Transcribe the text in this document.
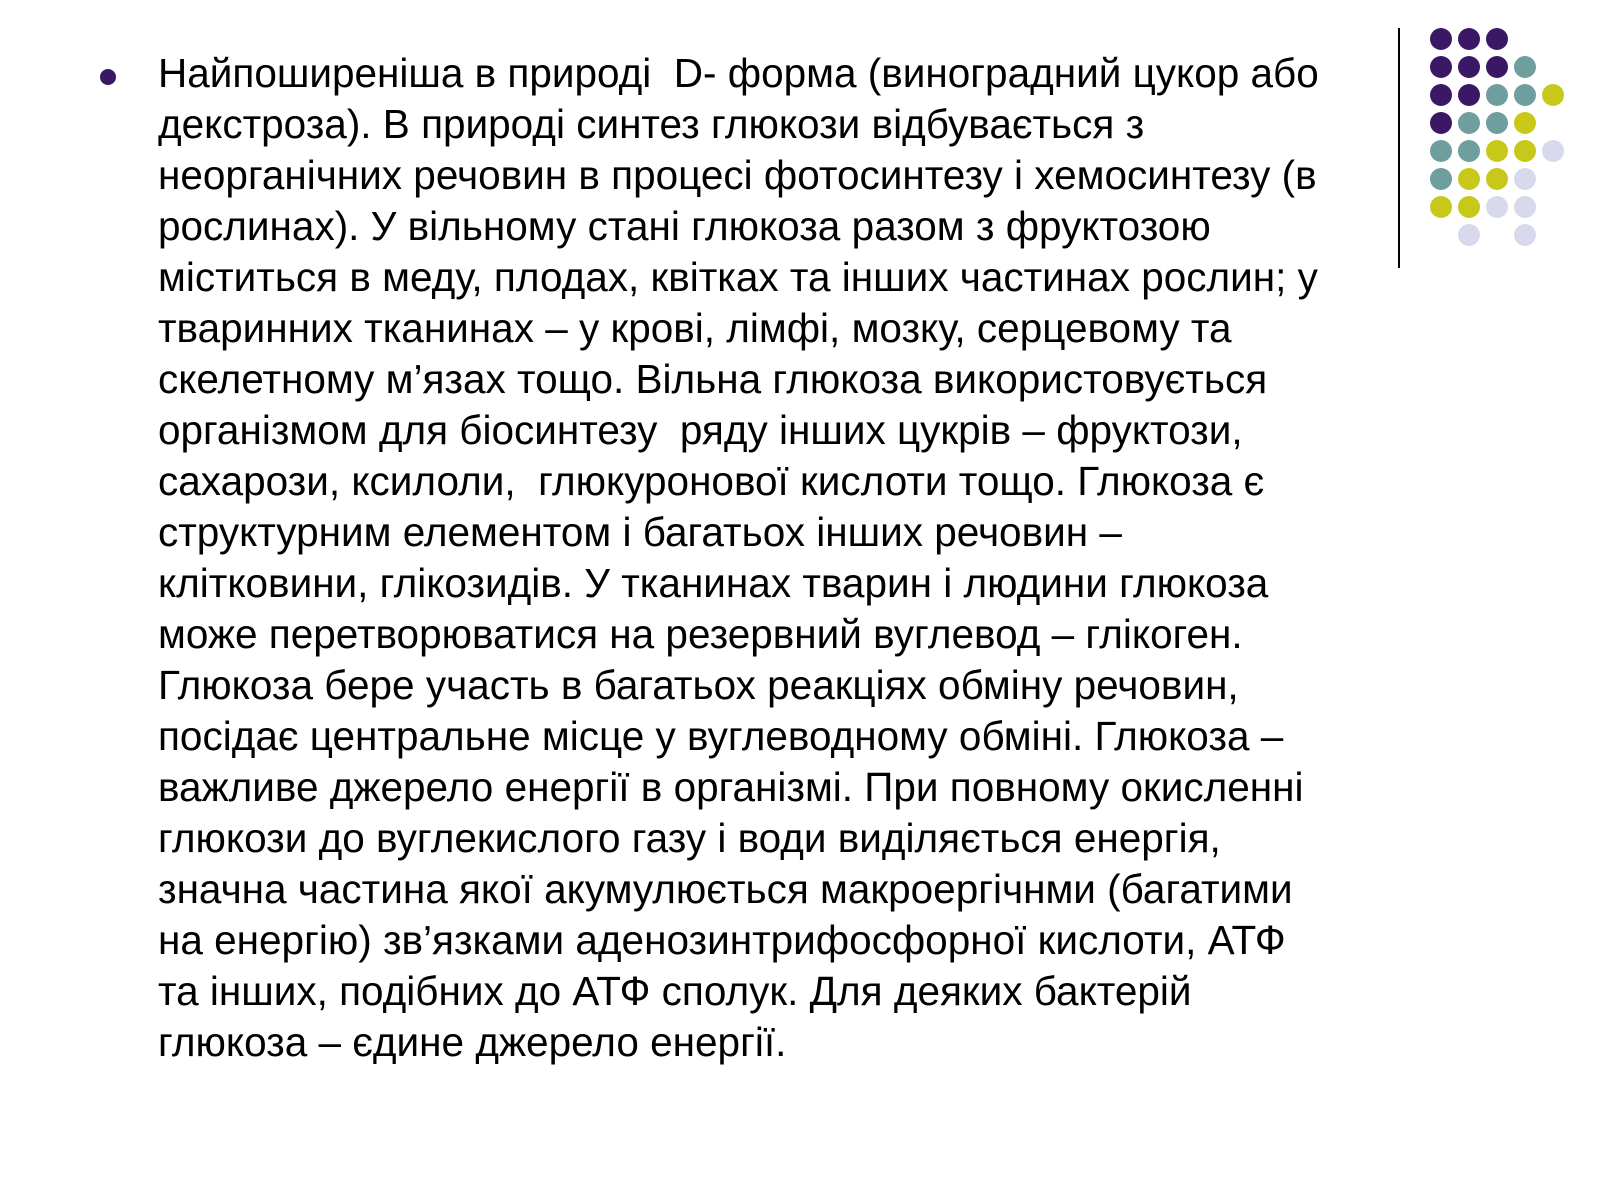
Найпоширеніша в природі  D- форма (виноградний цукор або
декстроза). В природі синтез глюкози відбувається з
неорганічних речовин в процесі фотосинтезу і хемосинтезу (в
рослинах). У вільному стані глюкоза разом з фруктозою
міститься в меду, плодах, квітках та інших частинах рослин; у
тваринних тканинах – у крові, лімфі, мозку, серцевому та
скелетному м’язах тощо. Вільна глюкоза використовується
організмом для біосинтезу  ряду інших цукрів – фруктози,
сахарози, ксилоли,  глюкуронової кислоти тощо. Глюкоза є
структурним елементом і багатьох інших речовин –
клітковини, глікозидів. У тканинах тварин і людини глюкоза
може перетворюватися на резервний вуглевод – глікоген.
Глюкоза бере участь в багатьох реакціях обміну речовин,
посідає центральне місце у вуглеводному обміні. Глюкоза –
важливе джерело енергії в організмі. При повному окисленні
глюкози до вуглекислого газу і води виділяється енергія,
значна частина якої акумулюється макроергічнми (багатими
на енергію) зв’язками аденозинтрифосфорної кислоти, АТФ
та інших, подібних до АТФ сполук. Для деяких бактерій
глюкоза – єдине джерело енергії.
